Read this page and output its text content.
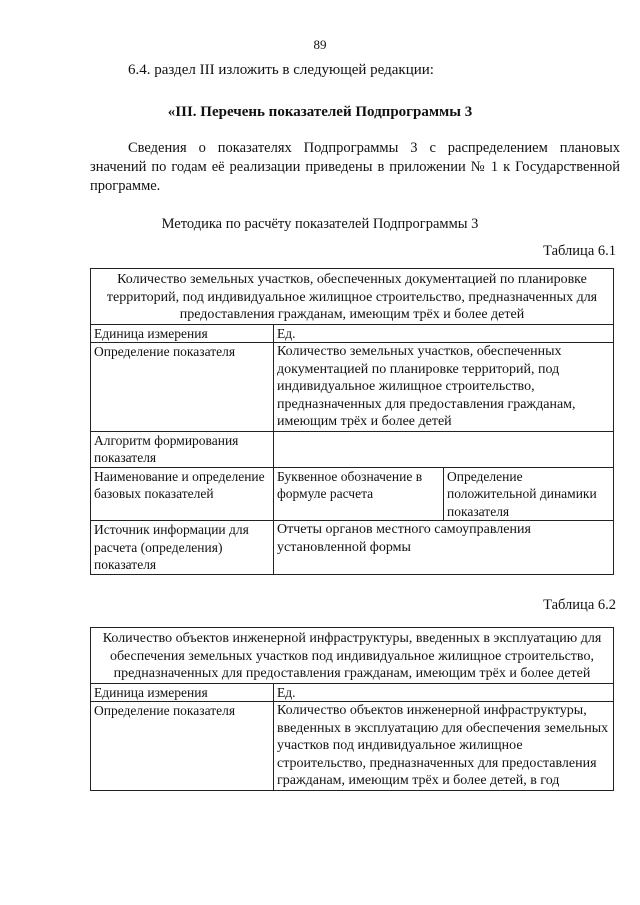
89
6.4. раздел III изложить в следующей редакции:
«III. Перечень показателей Подпрограммы 3
Сведения о показателях Подпрограммы 3 с распределением плановых значений по годам её реализации приведены в приложении № 1 к Государственной программе.
Методика по расчёту показателей Подпрограммы 3
Таблица 6.1
Количество земельных участков, обеспеченных документацией по планировке территорий, под индивидуальное жилищное строительство, предназначенных для предоставления гражданам, имеющим трёх и более детей		
Единица измерения	Ед.	
Определение показателя	Количество земельных участков, обеспеченных документацией по планировке территорий, под индивидуальное жилищное строительство, предназначенных для предоставления гражданам, имеющим трёх и более детей	
Алгоритм формирования показателя		
Наименование и определение базовых показателей	Буквенное обозначение в формуле расчета	Определение положительной динамики показателя
Источник информации для расчета (определения) показателя	Отчеты органов местного самоуправления установленной формы	
Таблица 6.2
Количество объектов инженерной инфраструктуры, введенных в эксплуатацию для обеспечения земельных участков под индивидуальное жилищное строительство, предназначенных для предоставления гражданам, имеющим трёх и более детей	
Единица измерения	Ед.
Определение показателя	Количество объектов инженерной инфраструктуры, введенных в эксплуатацию для обеспечения земельных участков под индивидуальное жилищное строительство, предназначенных для предоставления гражданам, имеющим трёх и более детей, в год
